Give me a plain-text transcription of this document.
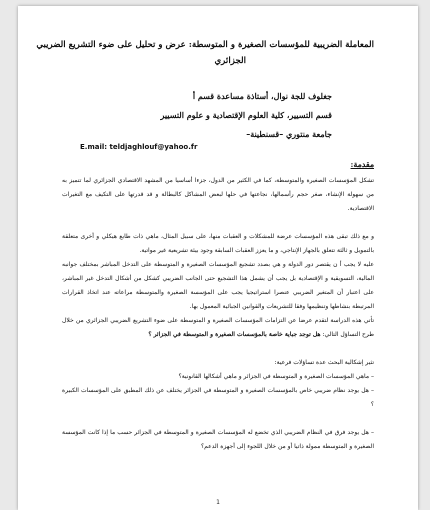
المعاملة الضريبية للمؤسسات الصغيرة و المتوسطة: عرض و تحليل على ضوء التشريع الضريبي
الجزائري
جغلوف للجة نوال، أستاذة مساعدة قسم أ
قسم التسيير، كلية العلوم الإقتصادية و علوم التسيير
جامعة منتوري –قسنطينة–
E.mail: teldjaghlouf@yahoo.fr
مقدمة:
تشكل المؤسسات الصغيرة والمتوسطة، كما في الكثير من الدول، جزءا أساسيا من المشهد الاقتصادي الجزائري لما تتميز به من سهولة الإنشاء، صغر حجم رأسمالها، نجاعتها في حلها لبعض المشاكل كالبطالة و قد قدرتها على التكيف مع التغيرات الاقتصادية.
و مع ذلك تبقى هذه المؤسسات عرضة للمشكلات و العقبات منها، على سبيل المثال، ماهي ذات طابع هيكلي و أخرى متعلقة بالتمويل و ثالثة تتعلق بالجهاز الإنتاجي، و ما يعزز العقبات السابقة وجود بيئة تشريعية غير مواتية.
عليه لا يجب أ ن يقتصر دور الدولة و هي بصدد تشجيع المؤسسات الصغيرة و المتوسطة على التدخل المباشر بمختلف جوانبه المالية، التسويقية و الإقتصادية بل يجب أن يشمل هذا التشجيع حتى الجانب الضريبي كشكل من أشكال التدخل غير المباشر، على اعتبار أن المتغير الضريبي عنصرا استراتيجيا يجب على المؤسسة الصغيرة والمتوسطة مراعاته عند اتخاذ القرارات المرتبطة بنشاطها وتنظيمها وفقا للتشريعات والقوانين الجبائية المعمول بها.
تأتي هذه الدراسة لتقدم عرضا عن التزامات المؤسسات الصغيرة و المتوسطة على ضوء التشريع الضريبي الجزائري من خلال طرح التساؤل التالي: هل توجد جباية خاصة بالمؤسسات الصغيرة و المتوسطة في الجزائر ؟
تثير إشكالية البحث عدة تساؤلات فرعية:
– ماهي المؤسسات الصغيرة و المتوسطة في الجزائر و ماهي أشكالها القانونية؟
– هل يوجد نظام ضريبي خاص بالمؤسسات الصغيرة و المتوسطة في الجزائر يختلف عن ذلك المطبق على المؤسسات الكبيرة ؟
– هل يوجد فرق في النظام الضريبي الذي تخضع له المؤسسات الصغيرة و المتوسطة في الجزائر حسب ما إذا كانت المؤسسة الصغيرة و المتوسطة ممولة ذاتيا أو من خلال اللجوء إلى أجهزة الدعم؟
1
